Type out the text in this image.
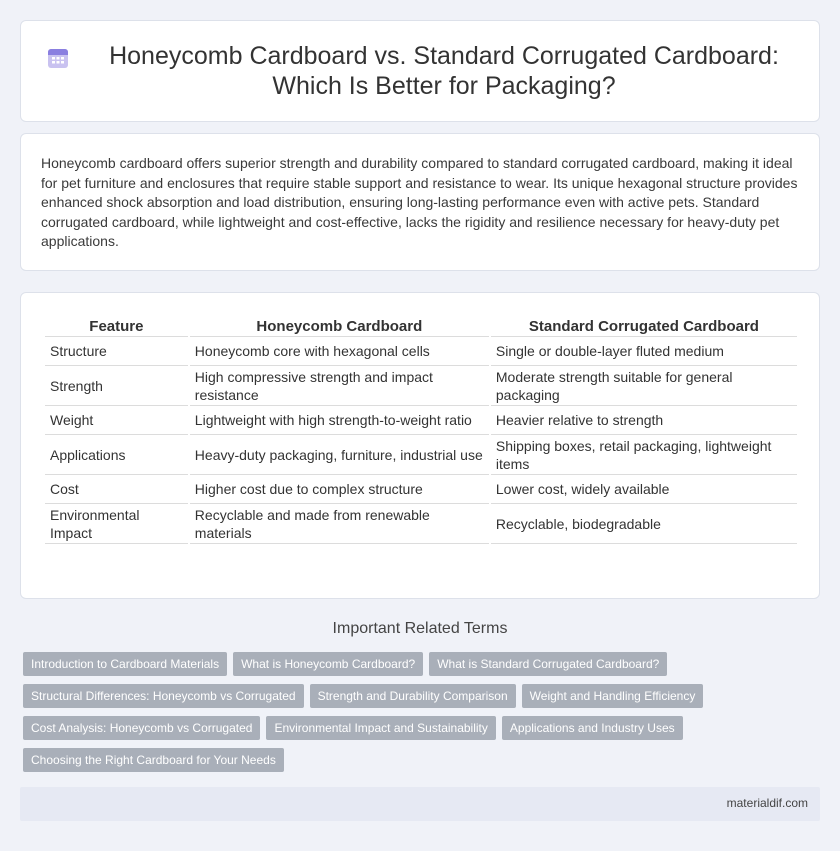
Honeycomb Cardboard vs. Standard Corrugated Cardboard: Which Is Better for Packaging?

Honeycomb cardboard offers superior strength and durability compared to standard corrugated cardboard, making it ideal for pet furniture and enclosures that require stable support and resistance to wear. Its unique hexagonal structure provides enhanced shock absorption and load distribution, ensuring long-lasting performance even with active pets. Standard corrugated cardboard, while lightweight and cost-effective, lacks the rigidity and resilience necessary for heavy-duty pet applications.

Feature	Honeycomb Cardboard	Standard Corrugated Cardboard
Structure	Honeycomb core with hexagonal cells	Single or double-layer fluted medium
Strength	High compressive strength and impact resistance	Moderate strength suitable for general packaging
Weight	Lightweight with high strength-to-weight ratio	Heavier relative to strength
Applications	Heavy-duty packaging, furniture, industrial use	Shipping boxes, retail packaging, lightweight items
Cost	Higher cost due to complex structure	Lower cost, widely available
Environmental Impact	Recyclable and made from renewable materials	Recyclable, biodegradable
Important Related Terms
Introduction to Cardboard Materials	What is Honeycomb Cardboard?	What is Standard Corrugated Cardboard?
Structural Differences: Honeycomb vs Corrugated	Strength and Durability Comparison	Weight and Handling Efficiency
Cost Analysis: Honeycomb vs Corrugated	Environmental Impact and Sustainability	Applications and Industry Uses
Choosing the Right Cardboard for Your Needs
materialdif.com
